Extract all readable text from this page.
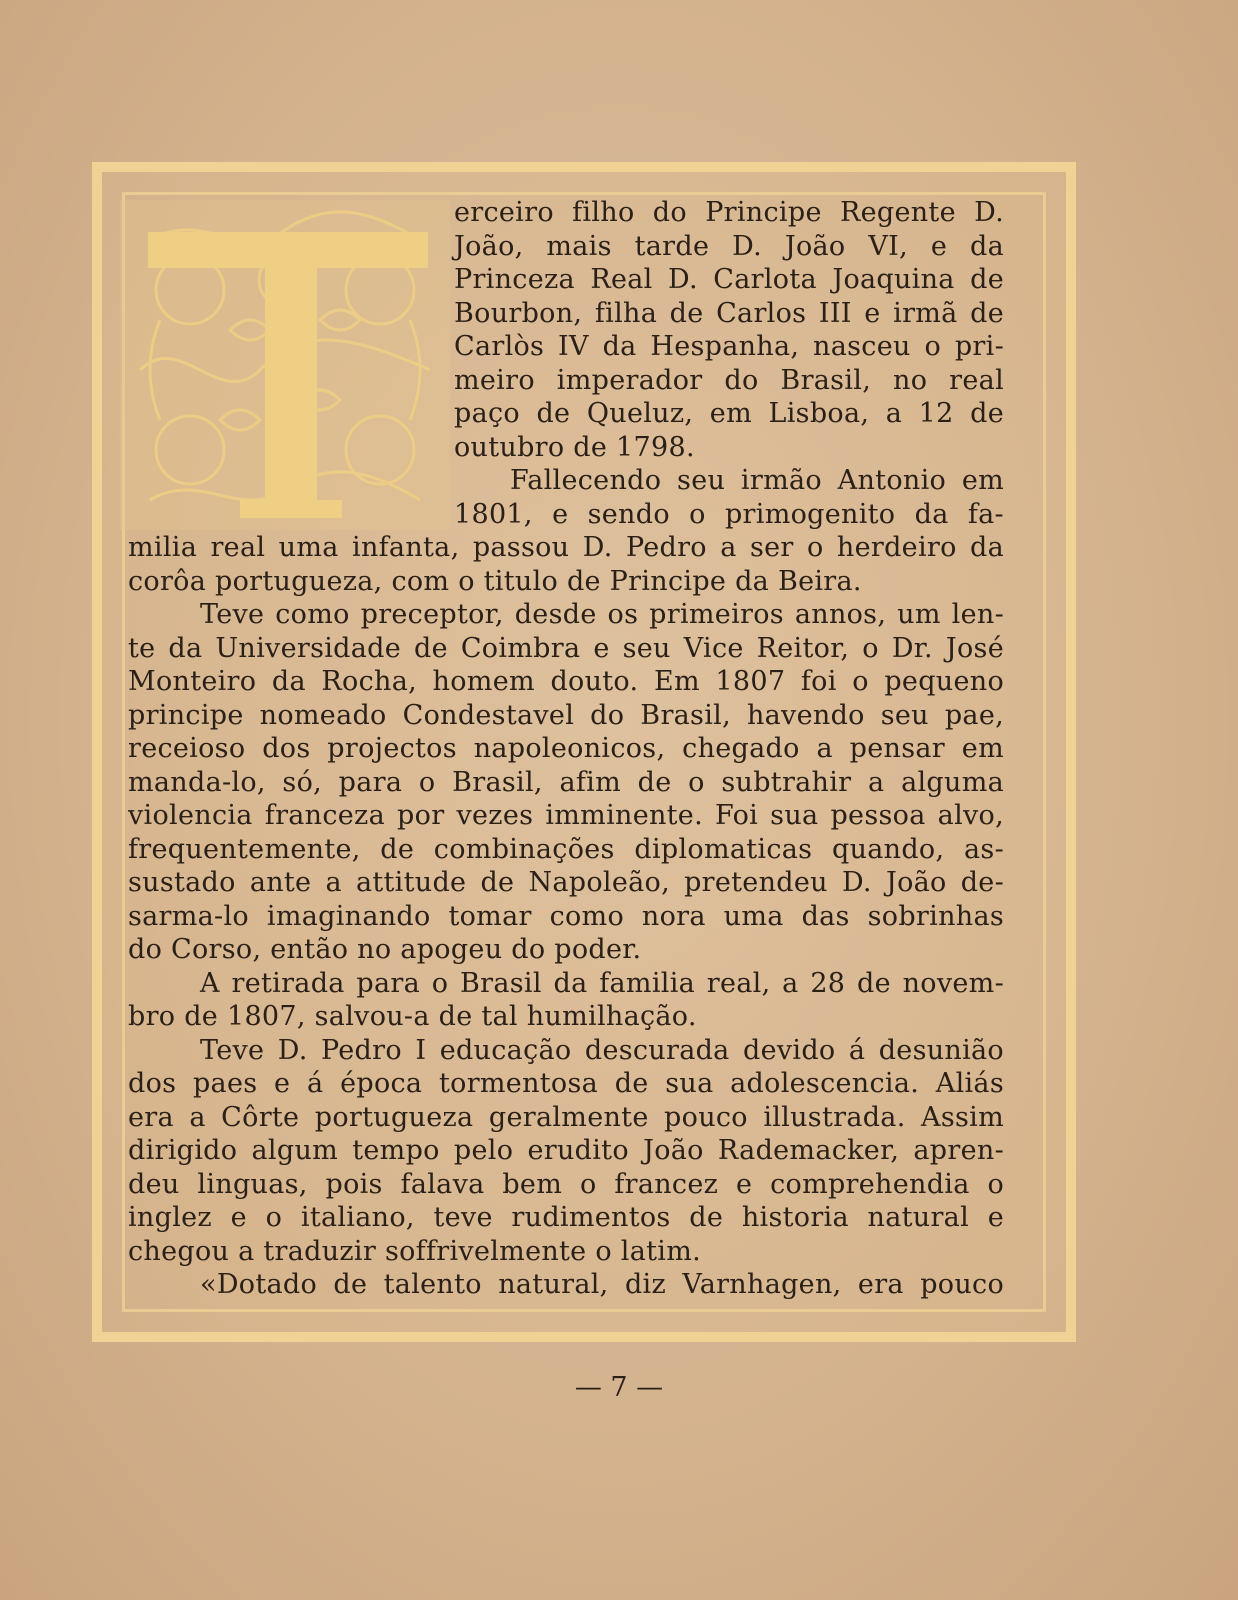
erceiro filho do Principe Regente D.
João, mais tarde D. João VI, e da
Princeza Real D. Carlota Joaquina de
Bourbon, filha de Carlos III e irmã de
Carlòs IV da Hespanha, nasceu o pri-
meiro imperador do Brasil, no real
paço de Queluz, em Lisboa, a 12 de
outubro de 1798.
Fallecendo seu irmão Antonio em
1801, e sendo o primogenito da fa-
milia real uma infanta, passou D. Pedro a ser o herdeiro da
corôa portugueza, com o titulo de Principe da Beira.
Teve como preceptor, desde os primeiros annos, um len-
te da Universidade de Coimbra e seu Vice Reitor, o Dr. José
Monteiro da Rocha, homem douto. Em 1807 foi o pequeno
principe nomeado Condestavel do Brasil, havendo seu pae,
receioso dos projectos napoleonicos, chegado a pensar em
manda-lo, só, para o Brasil, afim de o subtrahir a alguma
violencia franceza por vezes imminente. Foi sua pessoa alvo,
frequentemente, de combinações diplomaticas quando, as-
sustado ante a attitude de Napoleão, pretendeu D. João de-
sarma-lo imaginando tomar como nora uma das sobrinhas
do Corso, então no apogeu do poder.
A retirada para o Brasil da familia real, a 28 de novem-
bro de 1807, salvou-a de tal humilhação.
Teve D. Pedro I educação descurada devido á desunião
dos paes e á época tormentosa de sua adolescencia. Aliás
era a Côrte portugueza geralmente pouco illustrada. Assim
dirigido algum tempo pelo erudito João Rademacker, apren-
deu linguas, pois falava bem o francez e comprehendia o
inglez e o italiano, teve rudimentos de historia natural e
chegou a traduzir soffrivelmente o latim.
«Dotado de talento natural, diz Varnhagen, era pouco
— 7 —
